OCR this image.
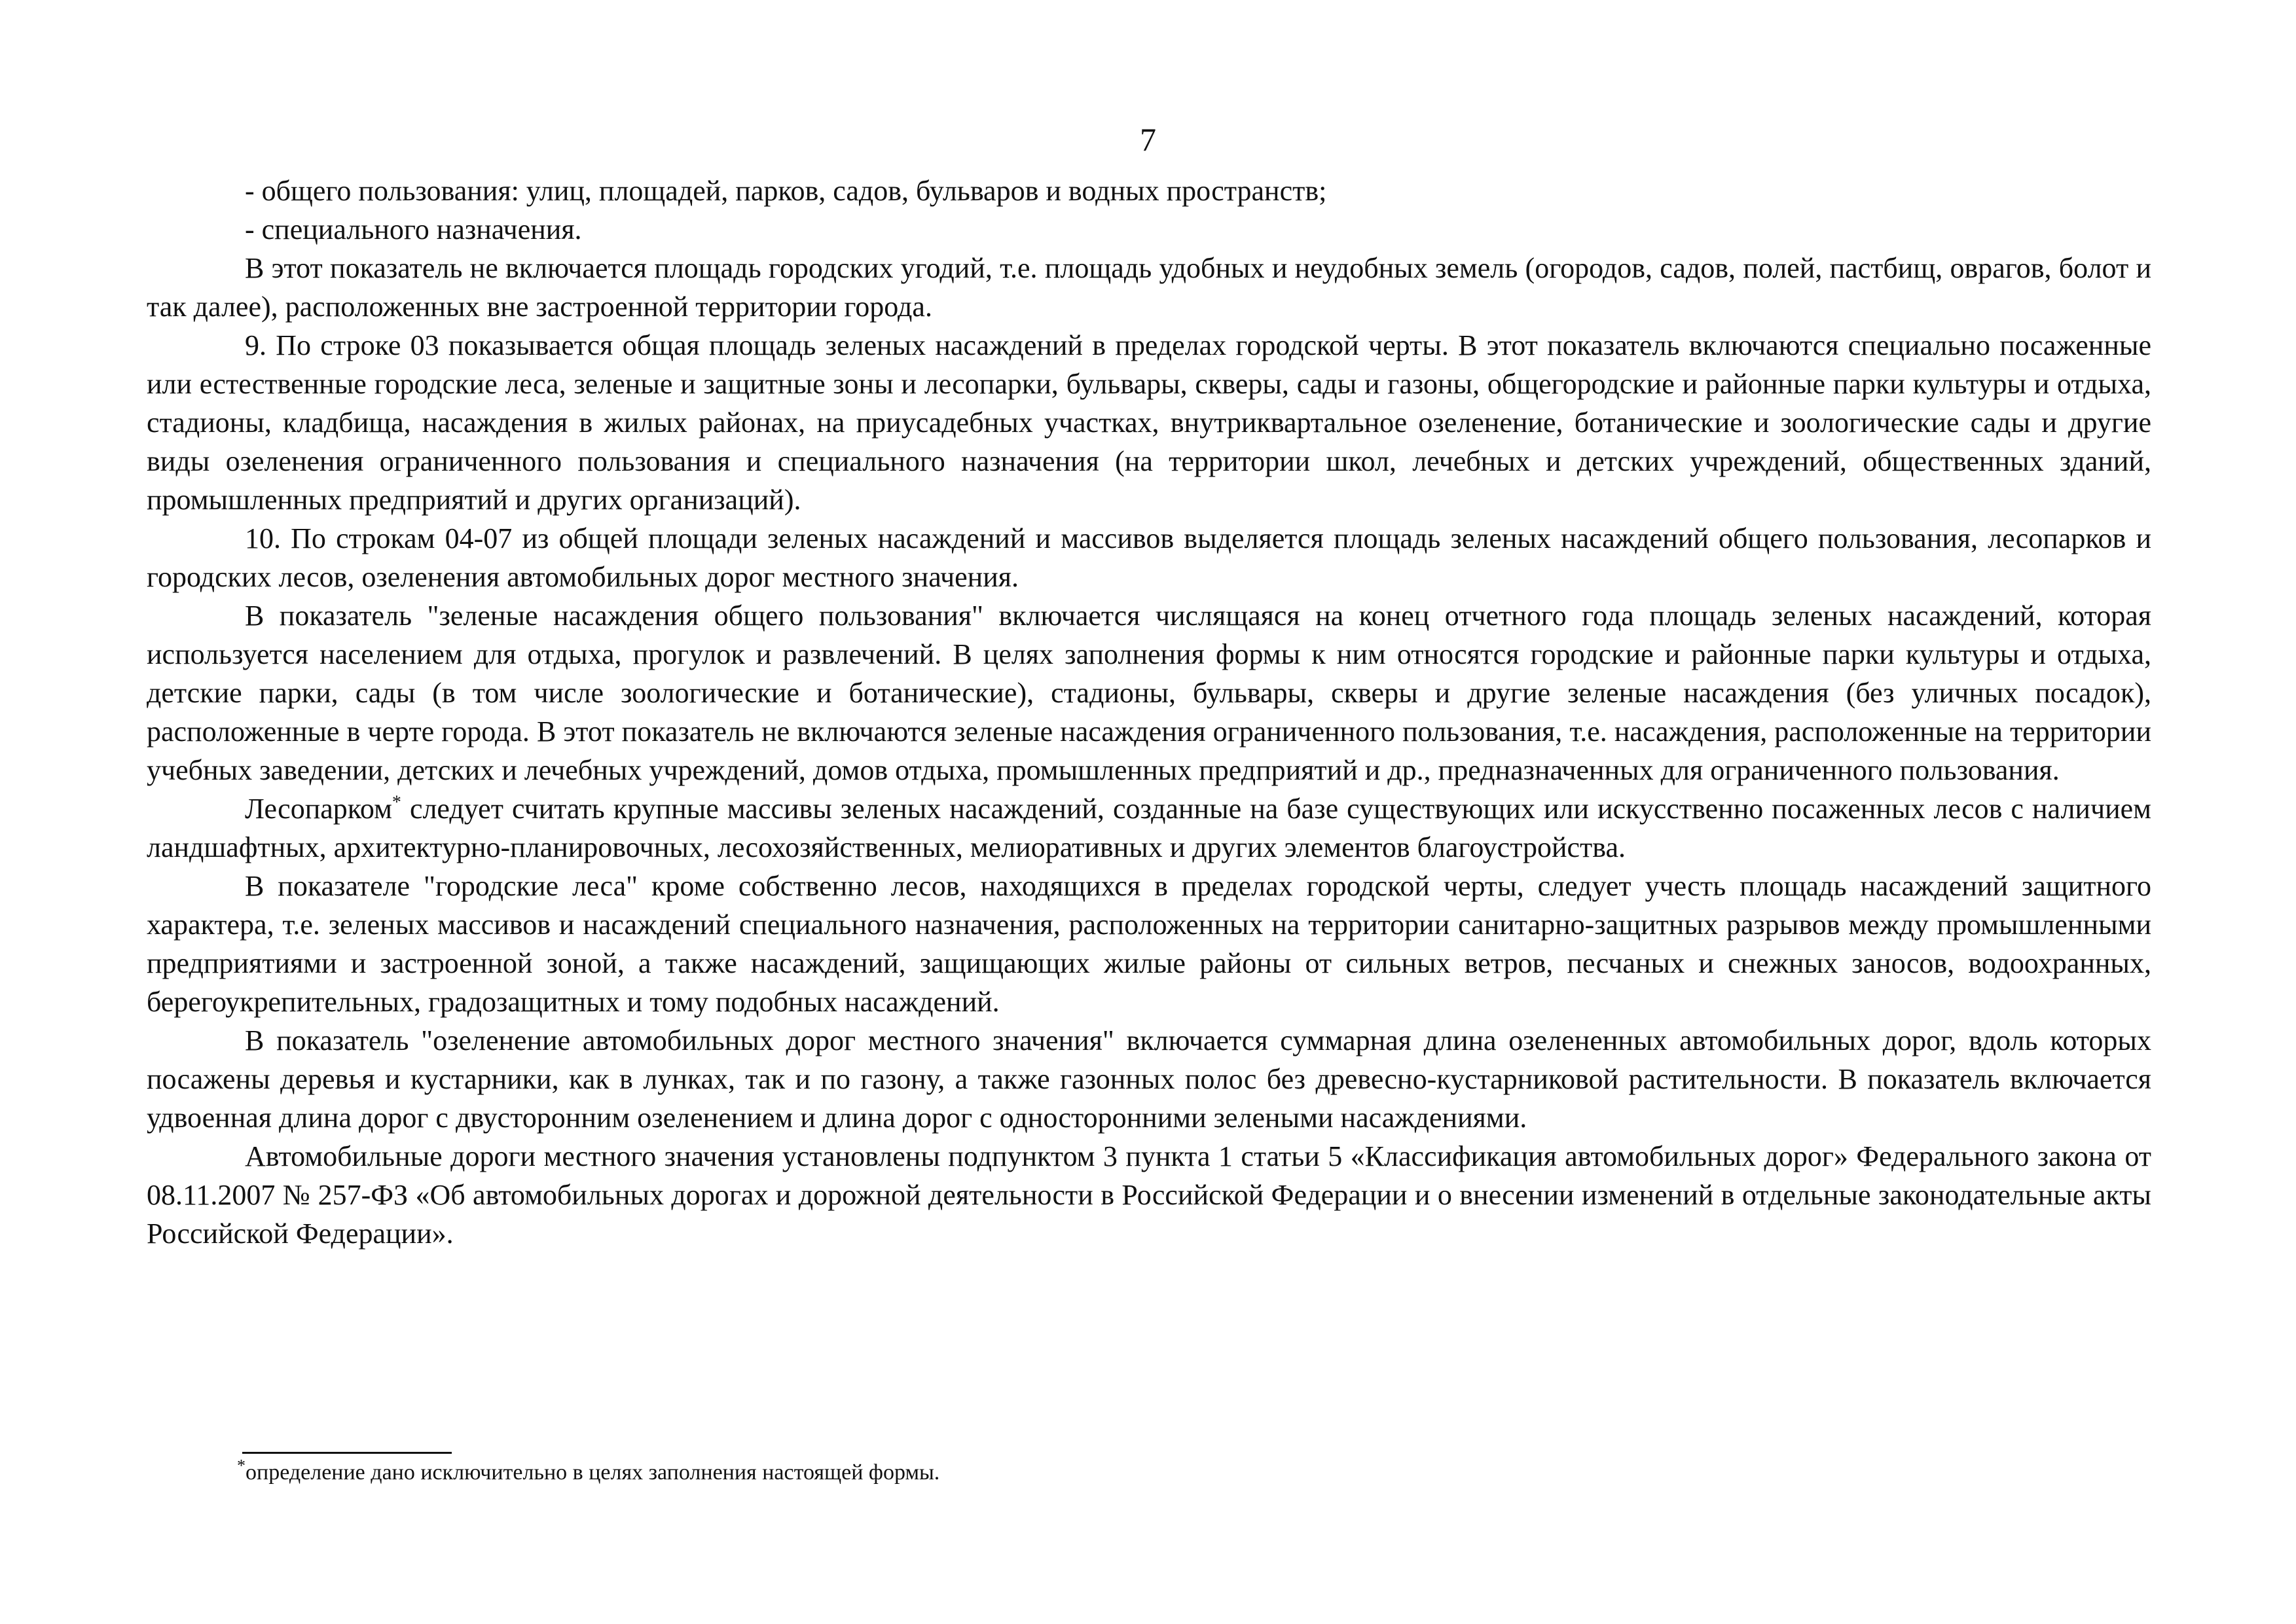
7

- общего пользования: улиц, площадей, парков, садов, бульваров и водных пространств;

- специального назначения.

В этот показатель не включается площадь городских угодий, т.е. площадь удобных и неудобных земель (огородов, садов, полей, пастбищ, оврагов, болот и так далее), расположенных вне застроенной территории города.

9. По строке 03 показывается общая площадь зеленых насаждений в пределах городской черты. В этот показатель включаются специально посаженные или естественные городские леса, зеленые и защитные зоны и лесопарки, бульвары, скверы, сады и газоны, общегородские и районные парки культуры и отдыха, стадионы, кладбища, насаждения в жилых районах, на приусадебных участках, внутриквартальное озеленение, ботанические и зоологические сады и другие виды озеленения ограниченного пользования и специального назначения (на территории школ, лечебных и детских учреждений, общественных зданий, промышленных предприятий и других организаций).

10. По строкам 04-07 из общей площади зеленых насаждений и массивов выделяется площадь зеленых насаждений общего пользования, лесопарков и городских лесов, озеленения автомобильных дорог местного значения.

В показатель "зеленые насаждения общего пользования" включается числящаяся на конец отчетного года площадь зеленых насаждений, которая используется населением для отдыха, прогулок и развлечений. В целях заполнения формы к ним относятся городские и районные парки культуры и отдыха, детские парки, сады (в том числе зоологические и ботанические), стадионы, бульвары, скверы и другие зеленые насаждения (без уличных посадок), расположенные в черте города. В этот показатель не включаются зеленые насаждения ограниченного пользования, т.е. насаждения, расположенные на территории учебных заведении, детских и лечебных учреждений, домов отдыха, промышленных предприятий и др., предназначенных для ограниченного пользования.

Лесопарком* следует считать крупные массивы зеленых насаждений, созданные на базе существующих или искусственно посаженных лесов с наличием ландшафтных, архитектурно-планировочных, лесохозяйственных, мелиоративных и других элементов благоустройства.

В показателе "городские леса" кроме собственно лесов, находящихся в пределах городской черты, следует учесть площадь насаждений защитного характера, т.е. зеленых массивов и насаждений специального назначения, расположенных на территории санитарно-защитных разрывов между промышленными предприятиями и застроенной зоной, а также насаждений, защищающих жилые районы от сильных ветров, песчаных и снежных заносов, водоохранных, берегоукрепительных, градозащитных и тому подобных насаждений.

В показатель "озеленение автомобильных дорог местного значения" включается суммарная длина озелененных автомобильных дорог, вдоль которых посажены деревья и кустарники, как в лунках, так и по газону, а также газонных полос без древесно-кустарниковой растительности. В показатель включается удвоенная длина дорог с двусторонним озеленением и длина дорог с односторонними зелеными насаждениями.

Автомобильные дороги местного значения установлены подпунктом 3 пункта 1 статьи 5 «Классификация автомобильных дорог» Федерального закона от 08.11.2007 № 257-ФЗ «Об автомобильных дорогах и дорожной деятельности в Российской Федерации и о внесении изменений в отдельные законодательные акты Российской Федерации».

*определение дано исключительно в целях заполнения настоящей формы.
